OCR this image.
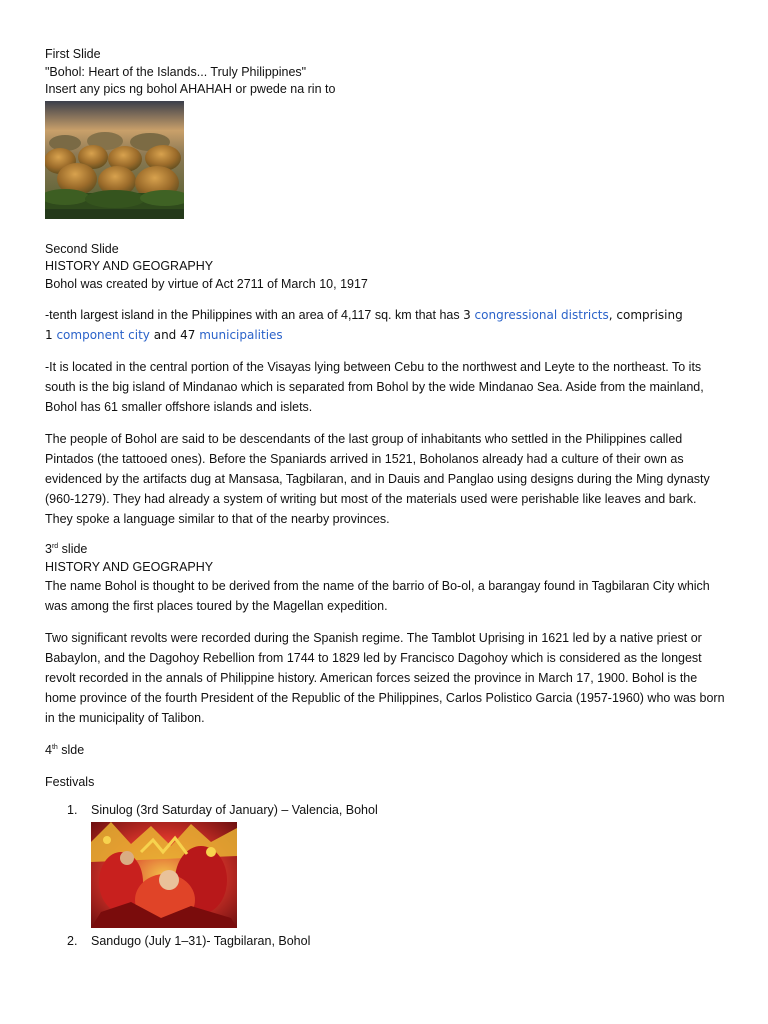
First Slide
"Bohol: Heart of the Islands... Truly Philippines"
Insert any pics ng bohol AHAHAH or pwede na rin to
Second Slide
HISTORY AND GEOGRAPHY
Bohol was created by virtue of Act 2711 of March 10, 1917

-tenth largest island in the Philippines with an area of 4,117 sq. km that has 3 congressional districts, comprising
1 component city and 47 municipalities

-It is located in the central portion of the Visayas lying between Cebu to the northwest and Leyte to the northeast. To its south is the big island of Mindanao which is separated from Bohol by the wide Mindanao Sea. Aside from the mainland, Bohol has 61 smaller offshore islands and islets.

The people of Bohol are said to be descendants of the last group of inhabitants who settled in the Philippines called Pintados (the tattooed ones). Before the Spaniards arrived in 1521, Boholanos already had a culture of their own as evidenced by the artifacts dug at Mansasa, Tagbilaran, and in Dauis and Panglao using designs during the Ming dynasty (960-1279). They had already a system of writing but most of the materials used were perishable like leaves and bark. They spoke a language similar to that of the nearby provinces.

3rd slide
HISTORY AND GEOGRAPHY

The name Bohol is thought to be derived from the name of the barrio of Bo-ol, a barangay found in Tagbilaran City which was among the first places toured by the Magellan expedition.

Two significant revolts were recorded during the Spanish regime. The Tamblot Uprising in 1621 led by a native priest or Babaylon, and the Dagohoy Rebellion from 1744 to 1829 led by Francisco Dagohoy which is considered as the longest revolt recorded in the annals of Philippine history. American forces seized the province in March 17, 1900. Bohol is the home province of the fourth President of the Republic of the Philippines, Carlos Polistico Garcia (1957-1960) who was born in the municipality of Talibon.

4th slde

Festivals

1. Sinulog (3rd Saturday of January) – Valencia, Bohol
2. Sandugo (July 1–31)- Tagbilaran, Bohol
